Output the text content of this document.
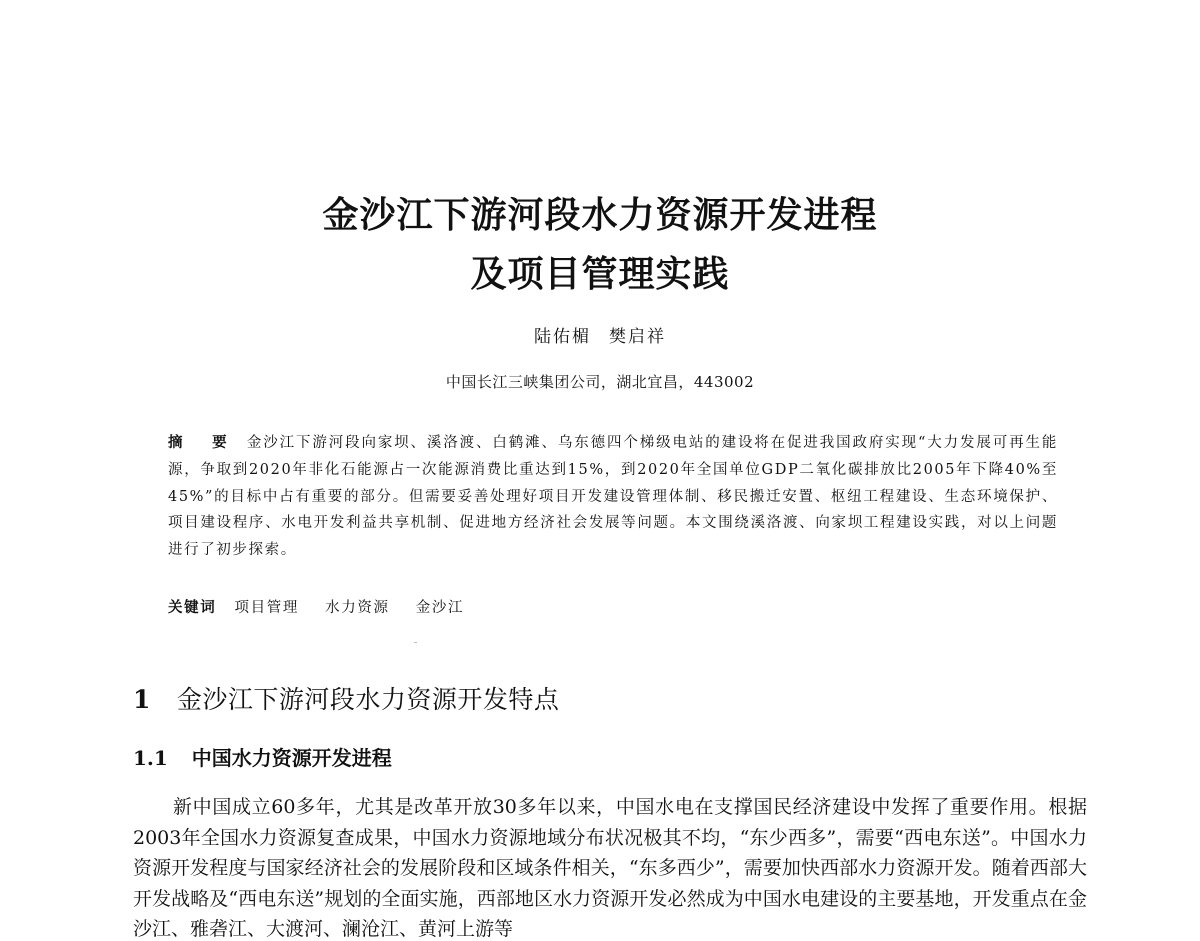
金沙江下游河段水力资源开发进程
及项目管理实践
陆佑楣 樊启祥
中国长江三峡集团公司，湖北宜昌，443002
摘 要 金沙江下游河段向家坝、溪洛渡、白鹤滩、乌东德四个梯级电站的建设将在促进我国政府实现“大力发展可再生能源，争取到2020年非化石能源占一次能源消费比重达到15%，到2020年全国单位GDP二氧化碳排放比2005年下降40%至45%”的目标中占有重要的部分。但需要妥善处理好项目开发建设管理体制、移民搬迁安置、枢纽工程建设、生态环境保护、项目建设程序、水电开发利益共享机制、促进地方经济社会发展等问题。本文围绕溪洛渡、向家坝工程建设实践，对以上问题进行了初步探索。
关键词 项目管理 水力资源 金沙江
1 金沙江下游河段水力资源开发特点
1.1 中国水力资源开发进程

新中国成立60多年，尤其是改革开放30多年以来，中国水电在支撑国民经济建设中发挥了重要作用。根据2003年全国水力资源复查成果，中国水力资源地域分布状况极其不均，“东少西多”，需要“西电东送”。中国水力资源开发程度与国家经济社会的发展阶段和区域条件相关，“东多西少”，需要加快西部水力资源开发。随着西部大开发战略及“西电东送”规划的全面实施，西部地区水力资源开发必然成为中国水电建设的主要基地，开发重点在金沙江、雅砻江、大渡河、澜沧江、黄河上游等
